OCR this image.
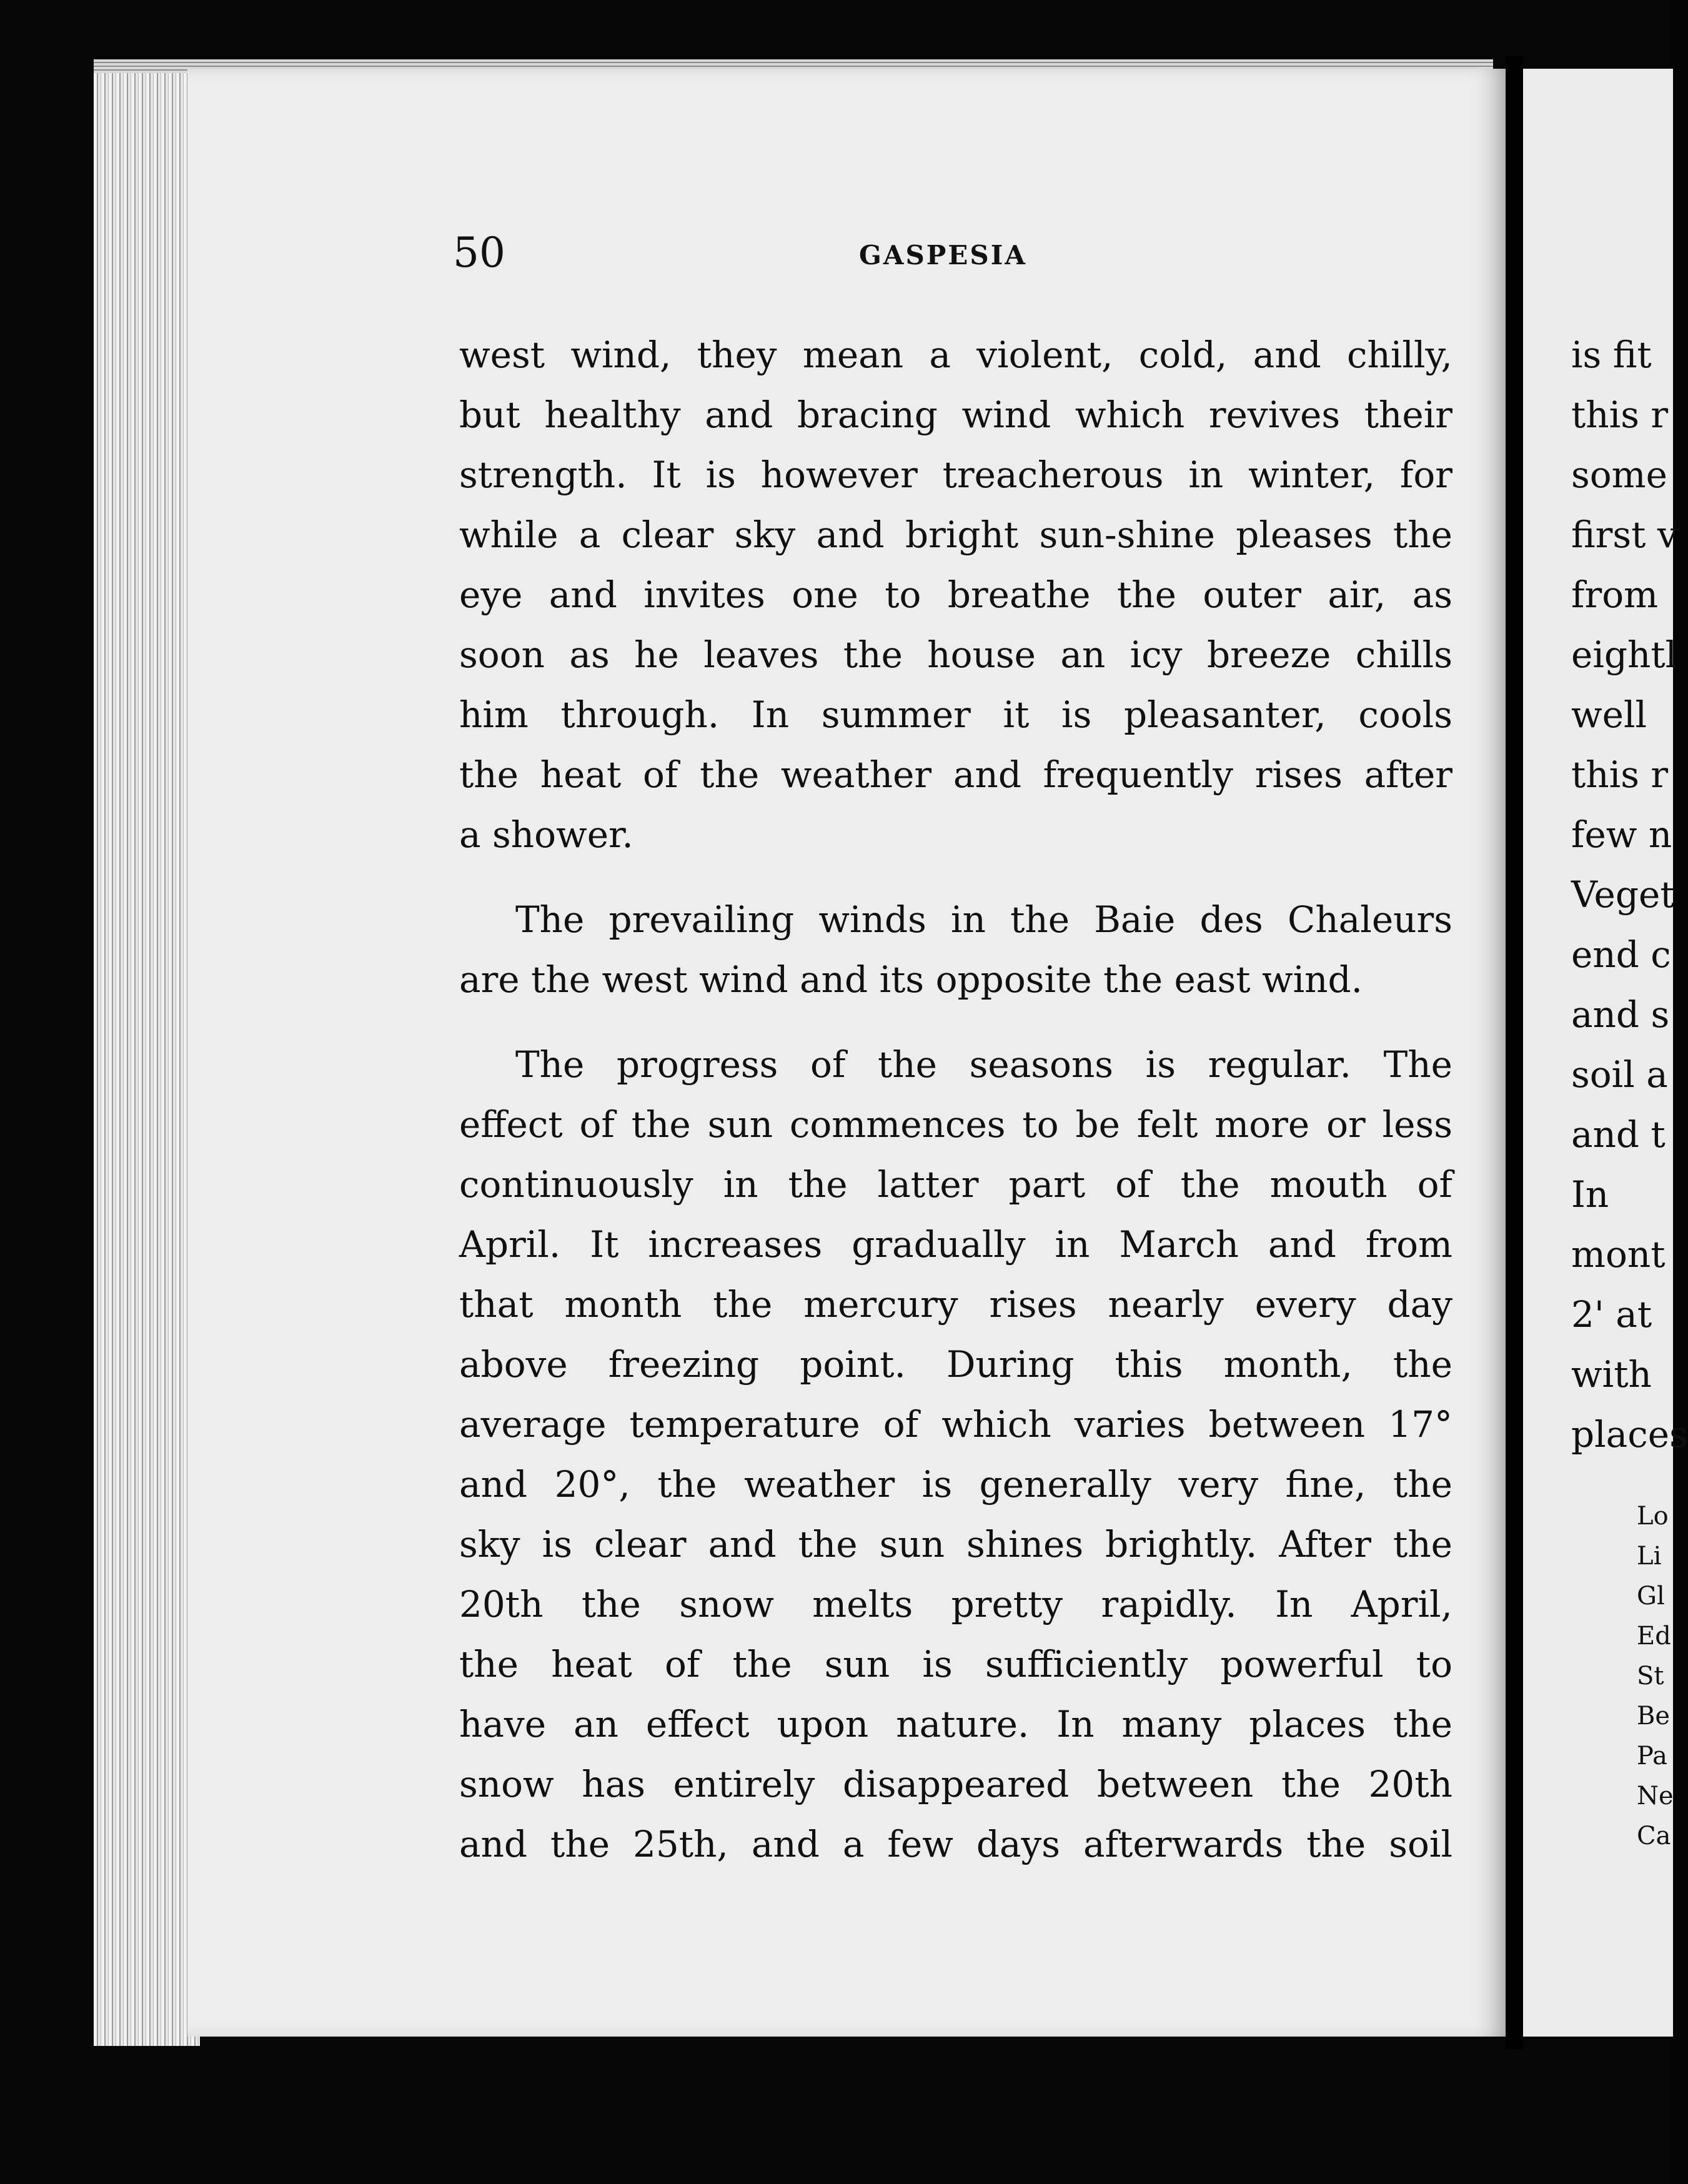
50	GASPESIA

west wind, they mean a violent, cold, and chilly,
but healthy and bracing wind which revives their
strength. It is however treacherous in winter, for
while a clear sky and bright sun-shine pleases the
eye and invites one to breathe the outer air, as
soon as he leaves the house an icy breeze chills
him through. In summer it is pleasanter, cools
the heat of the weather and frequently rises after
a shower.

The prevailing winds in the Baie des Chaleurs
are the west wind and its opposite the east wind.

The progress of the seasons is regular. The
effect of the sun commences to be felt more or less
continuously in the latter part of the mouth of
April. It increases gradually in March and from
that month the mercury rises nearly every day
above freezing point. During this month, the
average temperature of which varies between 17°
and 20°, the weather is generally very fine, the
sky is clear and the sun shines brightly. After the
20th the snow melts pretty rapidly. In April,
the heat of the sun is sufficiently powerful to
have an effect upon nature. In many places the
snow has entirely disappeared between the 20th
and the 25th, and a few days afterwards the soil

is fit
this r
some
first v
from
eightl
well
this r
few n
Veget
end c
and s
soil a
and t
In
mont
2' at
with
places
Lo
Li
Gl
Ed
St
Be
Pa
Ne
Ca
